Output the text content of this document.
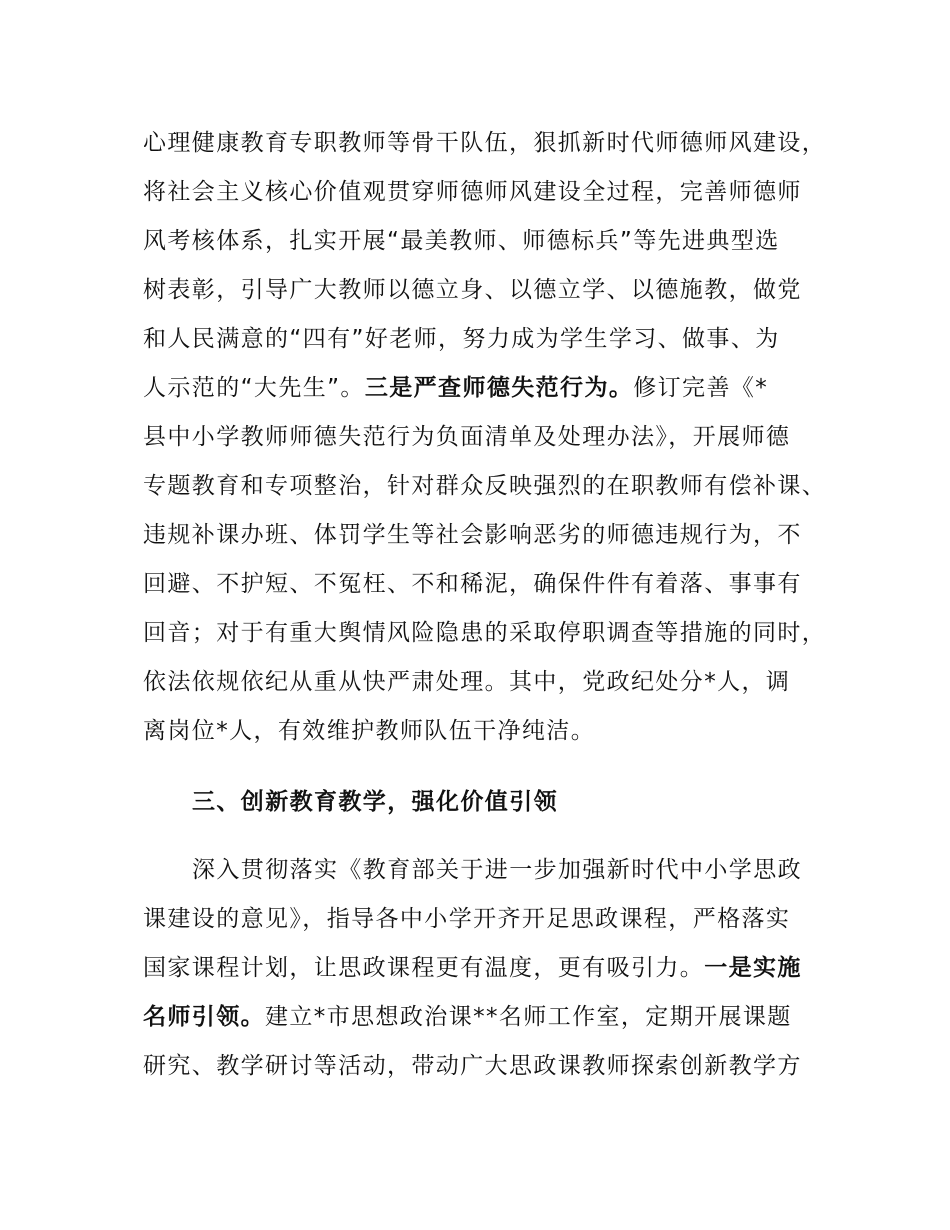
心理健康教育专职教师等骨干队伍，狠抓新时代师德师风建设，
将社会主义核心价值观贯穿师德师风建设全过程，完善师德师
风考核体系，扎实开展“最美教师、师德标兵”等先进典型选
树表彰，引导广大教师以德立身、以德立学、以德施教，做党
和人民满意的“四有”好老师，努力成为学生学习、做事、为
人示范的“大先生”。三是严查师德失范行为。修订完善《*
县中小学教师师德失范行为负面清单及处理办法》，开展师德
专题教育和专项整治，针对群众反映强烈的在职教师有偿补课、
违规补课办班、体罚学生等社会影响恶劣的师德违规行为，不
回避、不护短、不冤枉、不和稀泥，确保件件有着落、事事有
回音；对于有重大舆情风险隐患的采取停职调查等措施的同时，
依法依规依纪从重从快严肃处理。其中，党政纪处分*人，调
离岗位*人，有效维护教师队伍干净纯洁。
三、创新教育教学，强化价值引领
深入贯彻落实《教育部关于进一步加强新时代中小学思政
课建设的意见》，指导各中小学开齐开足思政课程，严格落实
国家课程计划，让思政课程更有温度，更有吸引力。一是实施
名师引领。建立*市思想政治课**名师工作室，定期开展课题
研究、教学研讨等活动，带动广大思政课教师探索创新教学方
